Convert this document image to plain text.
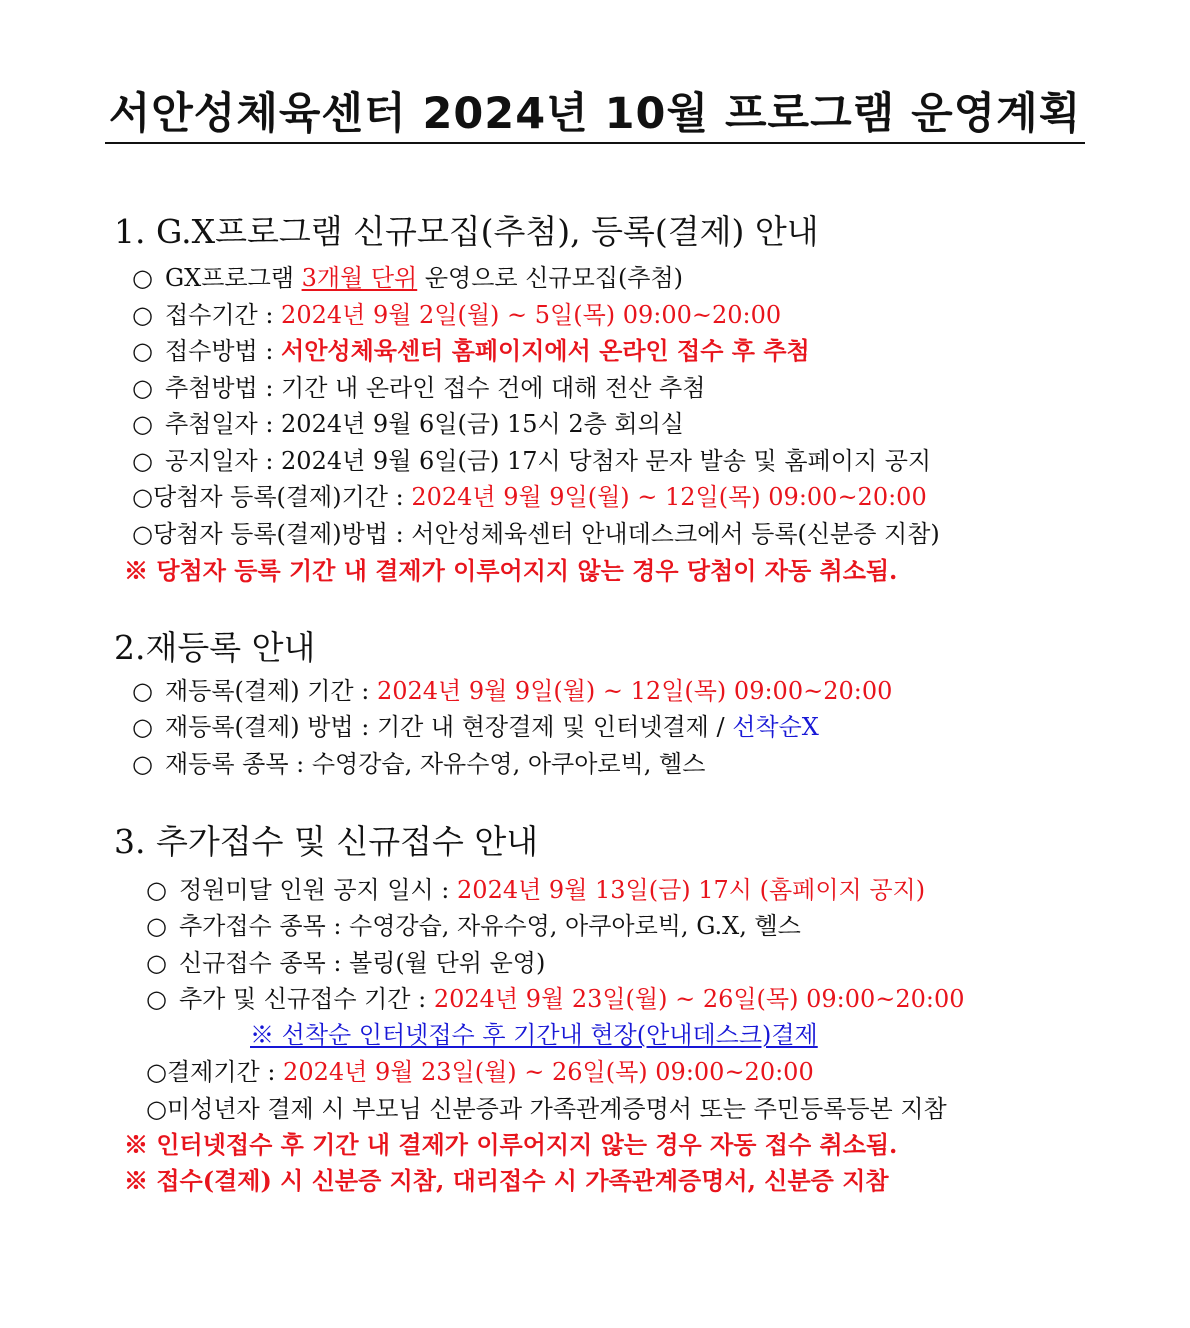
서안성체육센터 2024년 10월 프로그램 운영계획
1. G.X프로그램 신규모집(추첨), 등록(결제) 안내

○ GX프로그램 3개월 단위 운영으로 신규모집(추첨)

○ 접수기간 : 2024년 9월 2일(월) ~ 5일(목) 09:00~20:00

○ 접수방법 : 서안성체육센터 홈페이지에서 온라인 접수 후 추첨

○ 추첨방법 : 기간 내 온라인 접수 건에 대해 전산 추첨

○ 추첨일자 : 2024년 9월 6일(금) 15시 2층 회의실

○ 공지일자 : 2024년 9월 6일(금) 17시 당첨자 문자 발송 및 홈페이지 공지

○당첨자 등록(결제)기간 : 2024년 9월 9일(월) ~ 12일(목) 09:00~20:00

○당첨자 등록(결제)방법 : 서안성체육센터 안내데스크에서 등록(신분증 지참)

※ 당첨자 등록 기간 내 결제가 이루어지지 않는 경우 당첨이 자동 취소됨.

2.재등록 안내

○ 재등록(결제) 기간 : 2024년 9월 9일(월) ~ 12일(목) 09:00~20:00

○ 재등록(결제) 방법 : 기간 내 현장결제 및 인터넷결제 / 선착순X

○ 재등록 종목 : 수영강습, 자유수영, 아쿠아로빅, 헬스

3. 추가접수 및 신규접수 안내

○ 정원미달 인원 공지 일시 : 2024년 9월 13일(금) 17시 (홈페이지 공지)

○ 추가접수 종목 : 수영강습, 자유수영, 아쿠아로빅, G.X, 헬스

○ 신규접수 종목 : 볼링(월 단위 운영)

○ 추가 및 신규접수 기간 : 2024년 9월 23일(월) ~ 26일(목) 09:00~20:00

※ 선착순 인터넷접수 후 기간내 현장(안내데스크)결제

○결제기간 : 2024년 9월 23일(월) ~ 26일(목) 09:00~20:00

○미성년자 결제 시 부모님 신분증과 가족관계증명서 또는 주민등록등본 지참

※ 인터넷접수 후 기간 내 결제가 이루어지지 않는 경우 자동 접수 취소됨.

※ 접수(결제) 시 신분증 지참, 대리접수 시 가족관계증명서, 신분증 지참
